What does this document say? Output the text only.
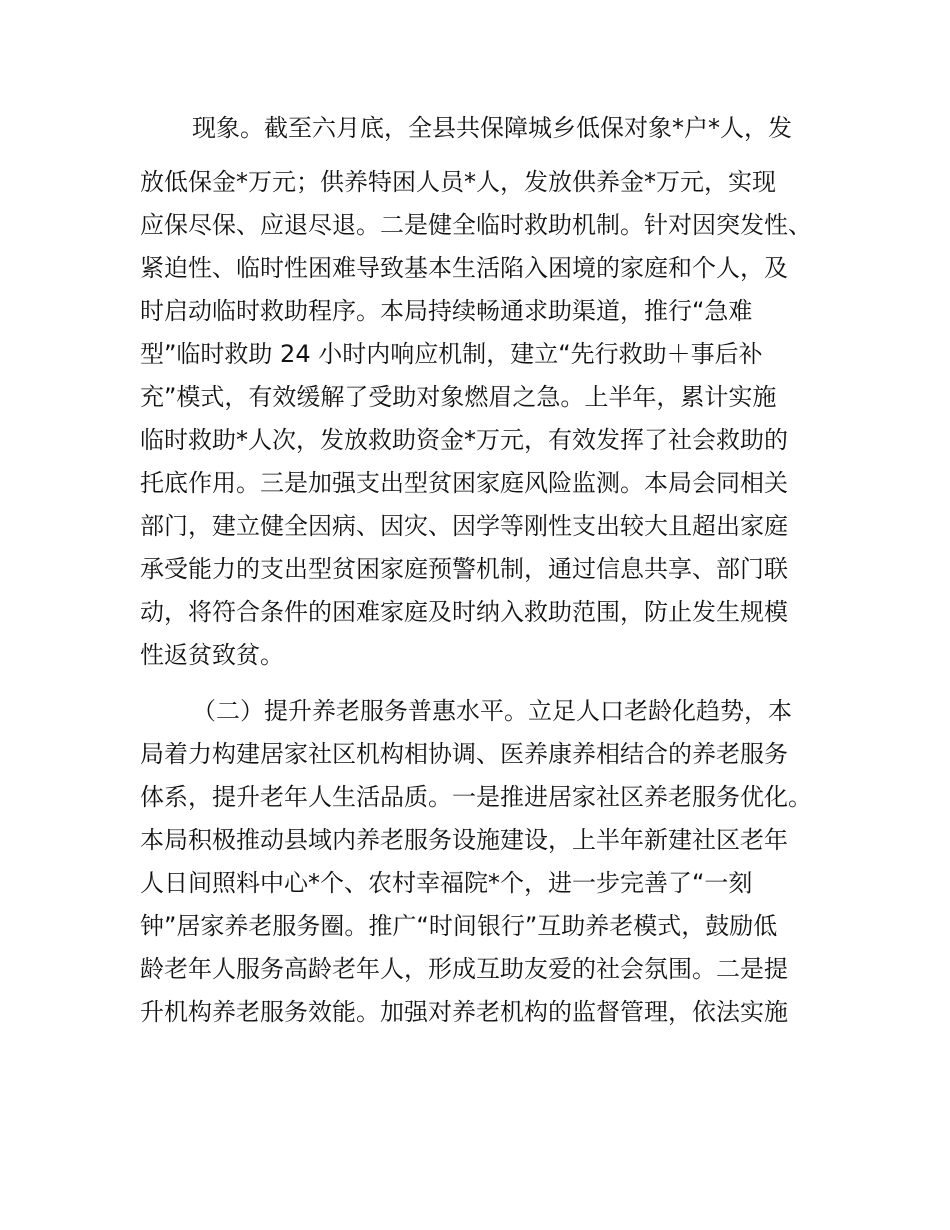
现象。截至六月底，全县共保障城乡低保对象*户*人，发
放低保金*万元；供养特困人员*人，发放供养金*万元，实现
应保尽保、应退尽退。二是健全临时救助机制。针对因突发性、
紧迫性、临时性困难导致基本生活陷入困境的家庭和个人，及
时启动临时救助程序。本局持续畅通求助渠道，推行“急难
型”临时救助 24 小时内响应机制，建立“先行救助＋事后补
充”模式，有效缓解了受助对象燃眉之急。上半年，累计实施
临时救助*人次，发放救助资金*万元，有效发挥了社会救助的
托底作用。三是加强支出型贫困家庭风险监测。本局会同相关
部门，建立健全因病、因灾、因学等刚性支出较大且超出家庭
承受能力的支出型贫困家庭预警机制，通过信息共享、部门联
动，将符合条件的困难家庭及时纳入救助范围，防止发生规模
性返贫致贫。
（二）提升养老服务普惠水平。立足人口老龄化趋势，本
局着力构建居家社区机构相协调、医养康养相结合的养老服务
体系，提升老年人生活品质。一是推进居家社区养老服务优化。
本局积极推动县域内养老服务设施建设，上半年新建社区老年
人日间照料中心*个、农村幸福院*个，进一步完善了“一刻
钟”居家养老服务圈。推广“时间银行”互助养老模式，鼓励低
龄老年人服务高龄老年人，形成互助友爱的社会氛围。二是提
升机构养老服务效能。加强对养老机构的监督管理，依法实施
